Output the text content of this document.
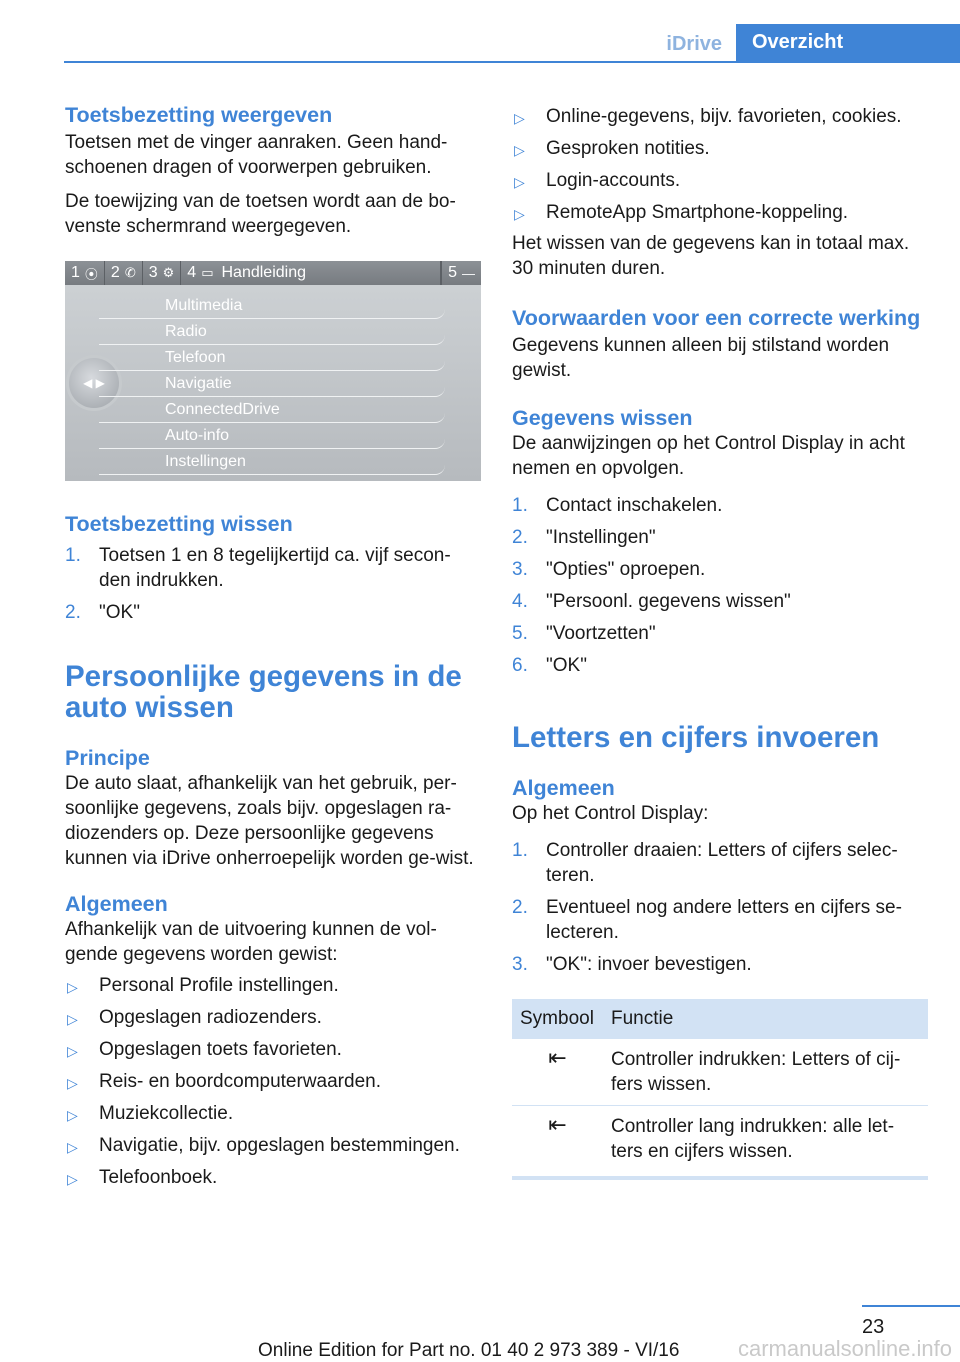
iDrive	Overzicht
Toetsbezetting weergeven

Toetsen met de vinger aanraken. Geen hand-schoenen dragen of voorwerpen gebruiken.

De toewijzing van de toetsen wordt aan de bo-venste schermrand weergegeven.

1 ⦿ 2 ✆ 3 ⚙ 4 ▭ Handleiding	5 —
◀ ▶
Multimedia
Radio
Telefoon
Navigatie
ConnectedDrive
Auto-info
Instellingen
Toetsbezetting wissen
1. Toetsen 1 en 8 tegelijkertijd ca. vijf secon-den indrukken.
2. "OK"
Persoonlijke gegevens in de auto wissen
Principe

De auto slaat, afhankelijk van het gebruik, per-soonlijke gegevens, zoals bijv. opgeslagen ra-diozenders op. Deze persoonlijke gegevens kunnen via iDrive onherroepelijk worden ge-wist.

Algemeen

Afhankelijk van de uitvoering kunnen de vol-gende gegevens worden gewist:

▷ Personal Profile instellingen.
▷ Opgeslagen radiozenders.
▷ Opgeslagen toets favorieten.
▷ Reis- en boordcomputerwaarden.
▷ Muziekcollectie.
▷ Navigatie, bijv. opgeslagen bestemmingen.
▷ Telefoonboek.
▷ Online-gegevens, bijv. favorieten, cookies.
▷ Gesproken notities.
▷ Login-accounts.
▷ RemoteApp Smartphone-koppeling.

Het wissen van de gegevens kan in totaal max. 30 minuten duren.

Voorwaarden voor een correcte werking

Gegevens kunnen alleen bij stilstand worden gewist.

Gegevens wissen

De aanwijzingen op het Control Display in acht nemen en opvolgen.

1. Contact inschakelen.
2. "Instellingen"
3. "Opties" oproepen.
4. "Persoonl. gegevens wissen"
5. "Voortzetten"
6. "OK"
Letters en cijfers invoeren
Algemeen

Op het Control Display:

1. Controller draaien: Letters of cijfers selec-teren.
2. Eventueel nog andere letters en cijfers se-lecteren.
3. "OK": invoer bevestigen.
Symbool	Functie
⇤	Controller indrukken: Letters of cij-fers wissen.
⇤	Controller lang indrukken: alle let-ters en cijfers wissen.
23
Online Edition for Part no. 01 40 2 973 389 - VI/16	carmanualsonline.info
